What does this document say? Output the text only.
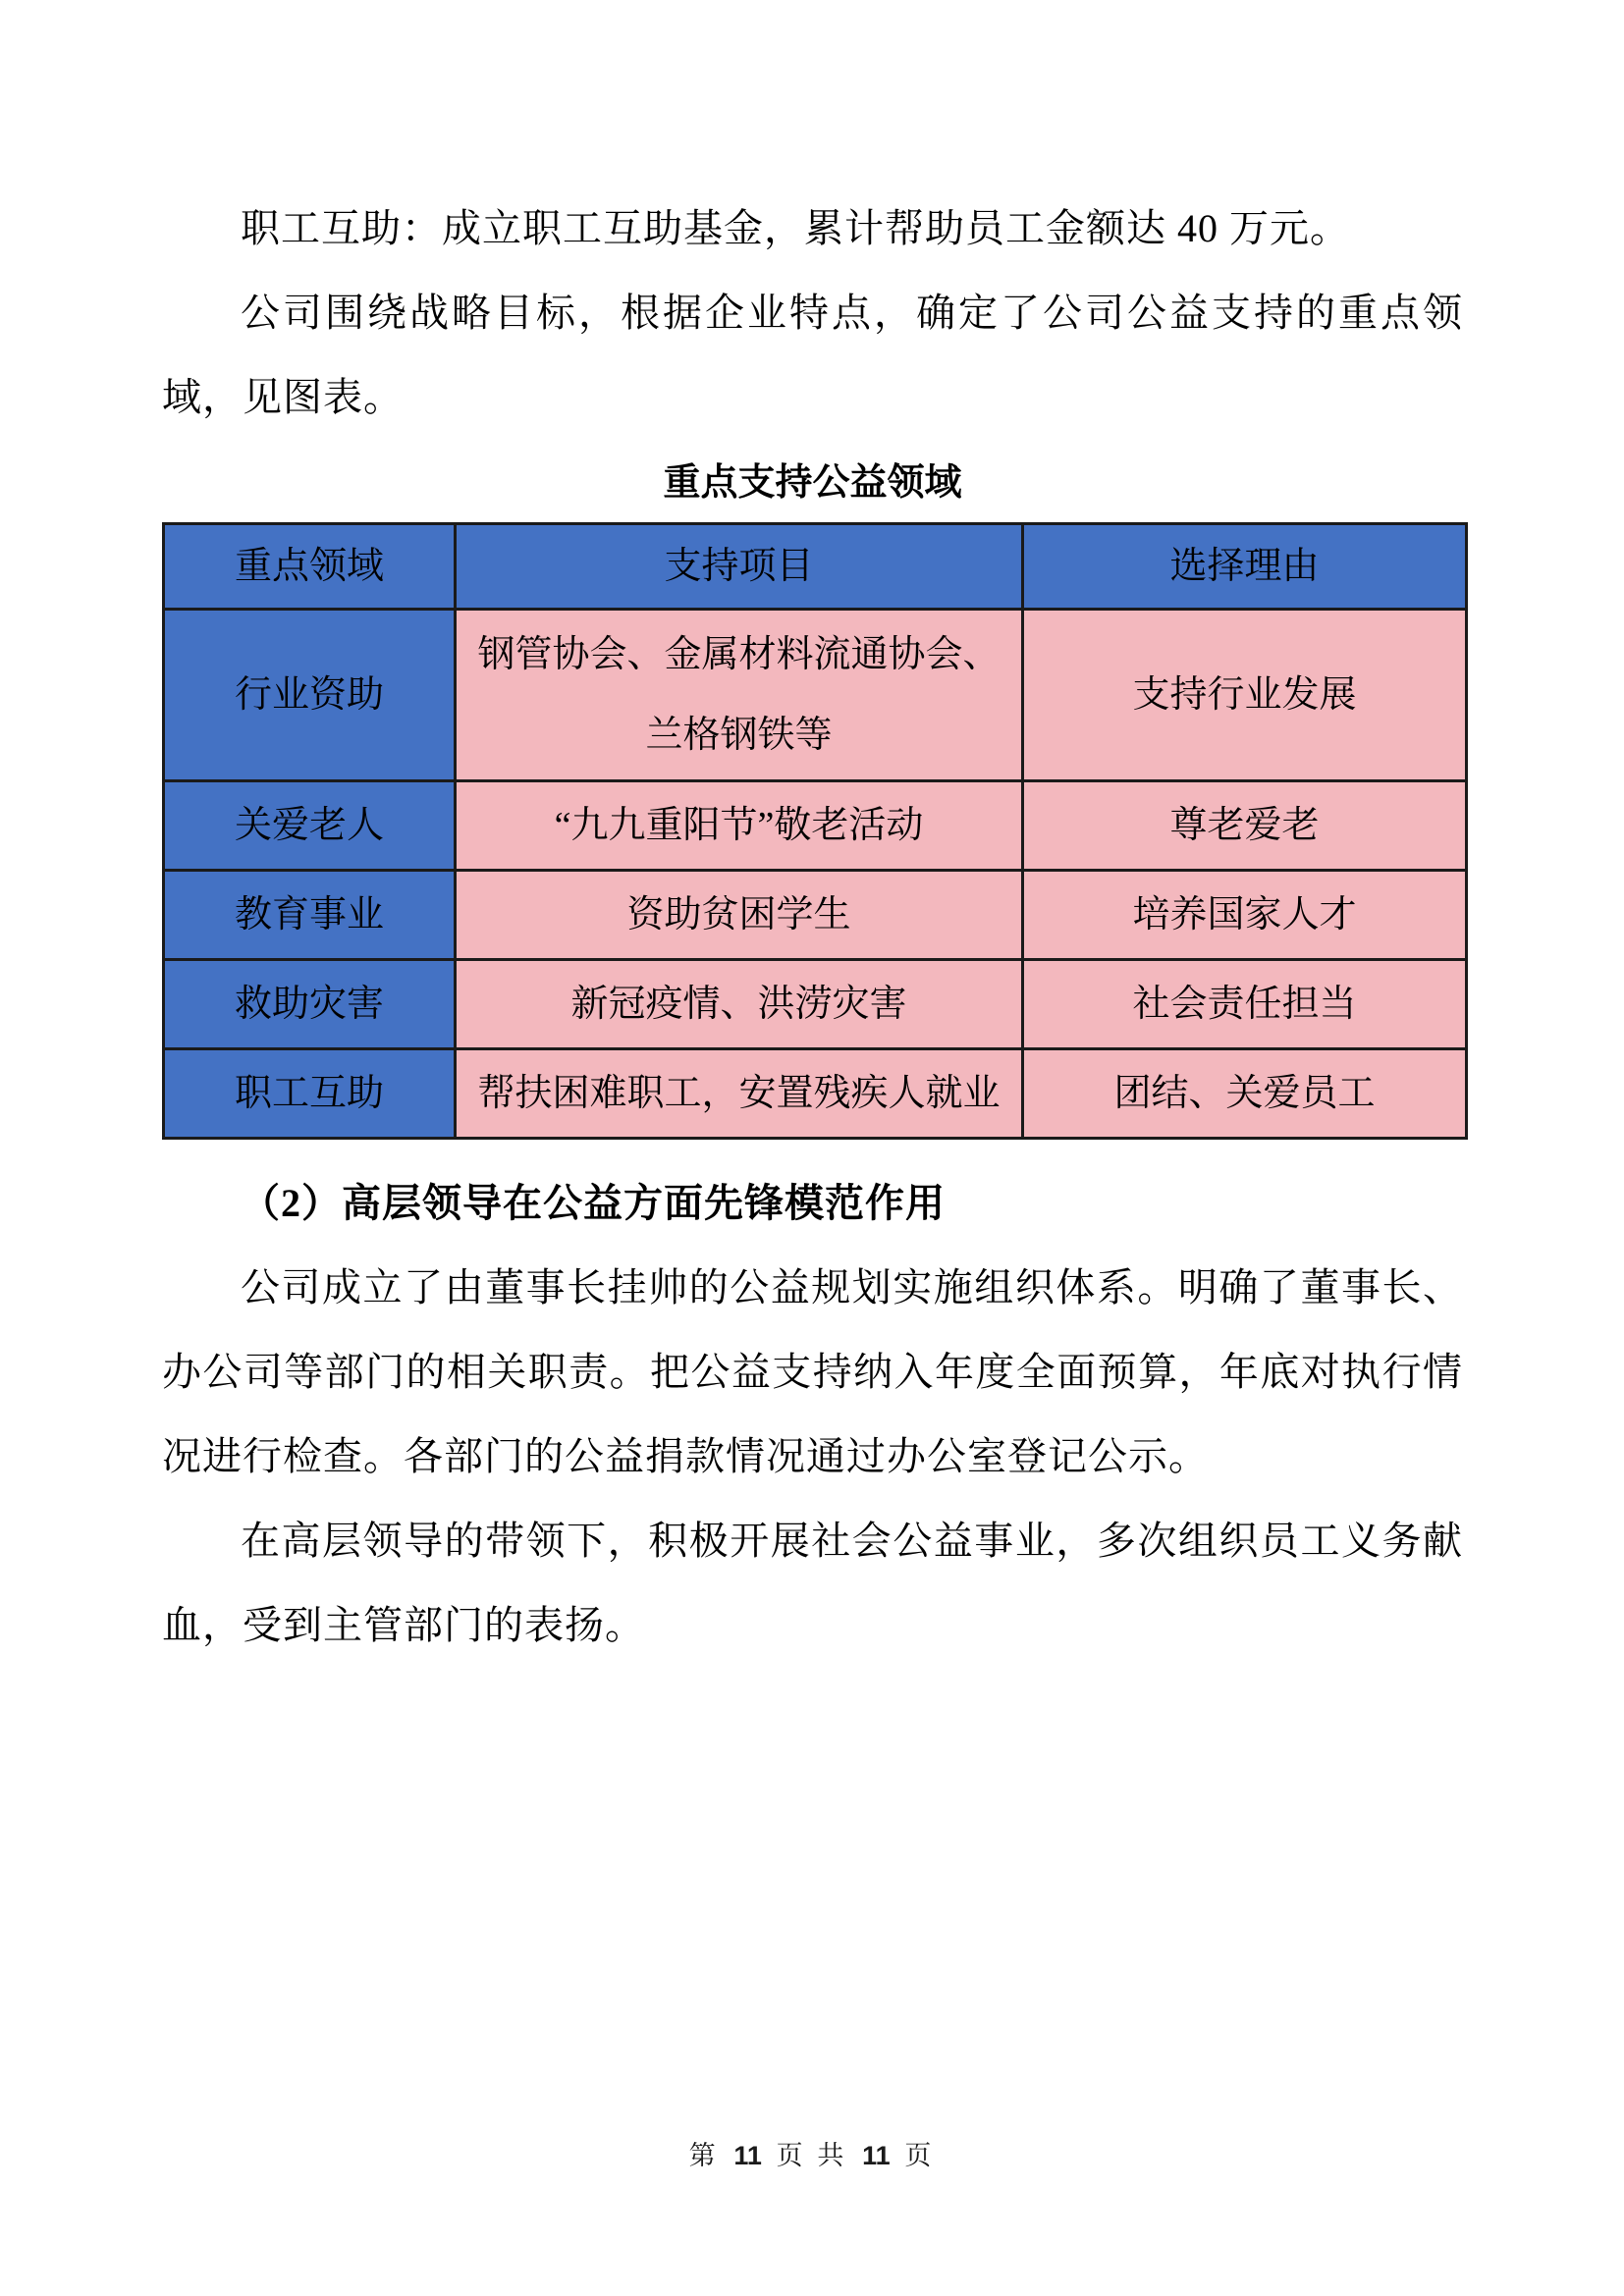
职工互助：成立职工互助基金，累计帮助员工金额达 40 万元。

公司围绕战略目标，根据企业特点，确定了公司公益支持的重点领域，见图表。

重点支持公益领域
重点领域	支持项目	选择理由
行业资助	钢管协会、金属材料流通协会、兰格钢铁等	支持行业发展
关爱老人	“九九重阳节”敬老活动	尊老爱老
教育事业	资助贫困学生	培养国家人才
救助灾害	新冠疫情、洪涝灾害	社会责任担当
职工互助	帮扶困难职工，安置残疾人就业	团结、关爱员工
（2）高层领导在公益方面先锋模范作用

公司成立了由董事长挂帅的公益规划实施组织体系。明确了董事长、办公司等部门的相关职责。把公益支持纳入年度全面预算，年底对执行情况进行检查。各部门的公益捐款情况通过办公室登记公示。

在高层领导的带领下，积极开展社会公益事业，多次组织员工义务献血，受到主管部门的表扬。

第 11 页 共 11 页
